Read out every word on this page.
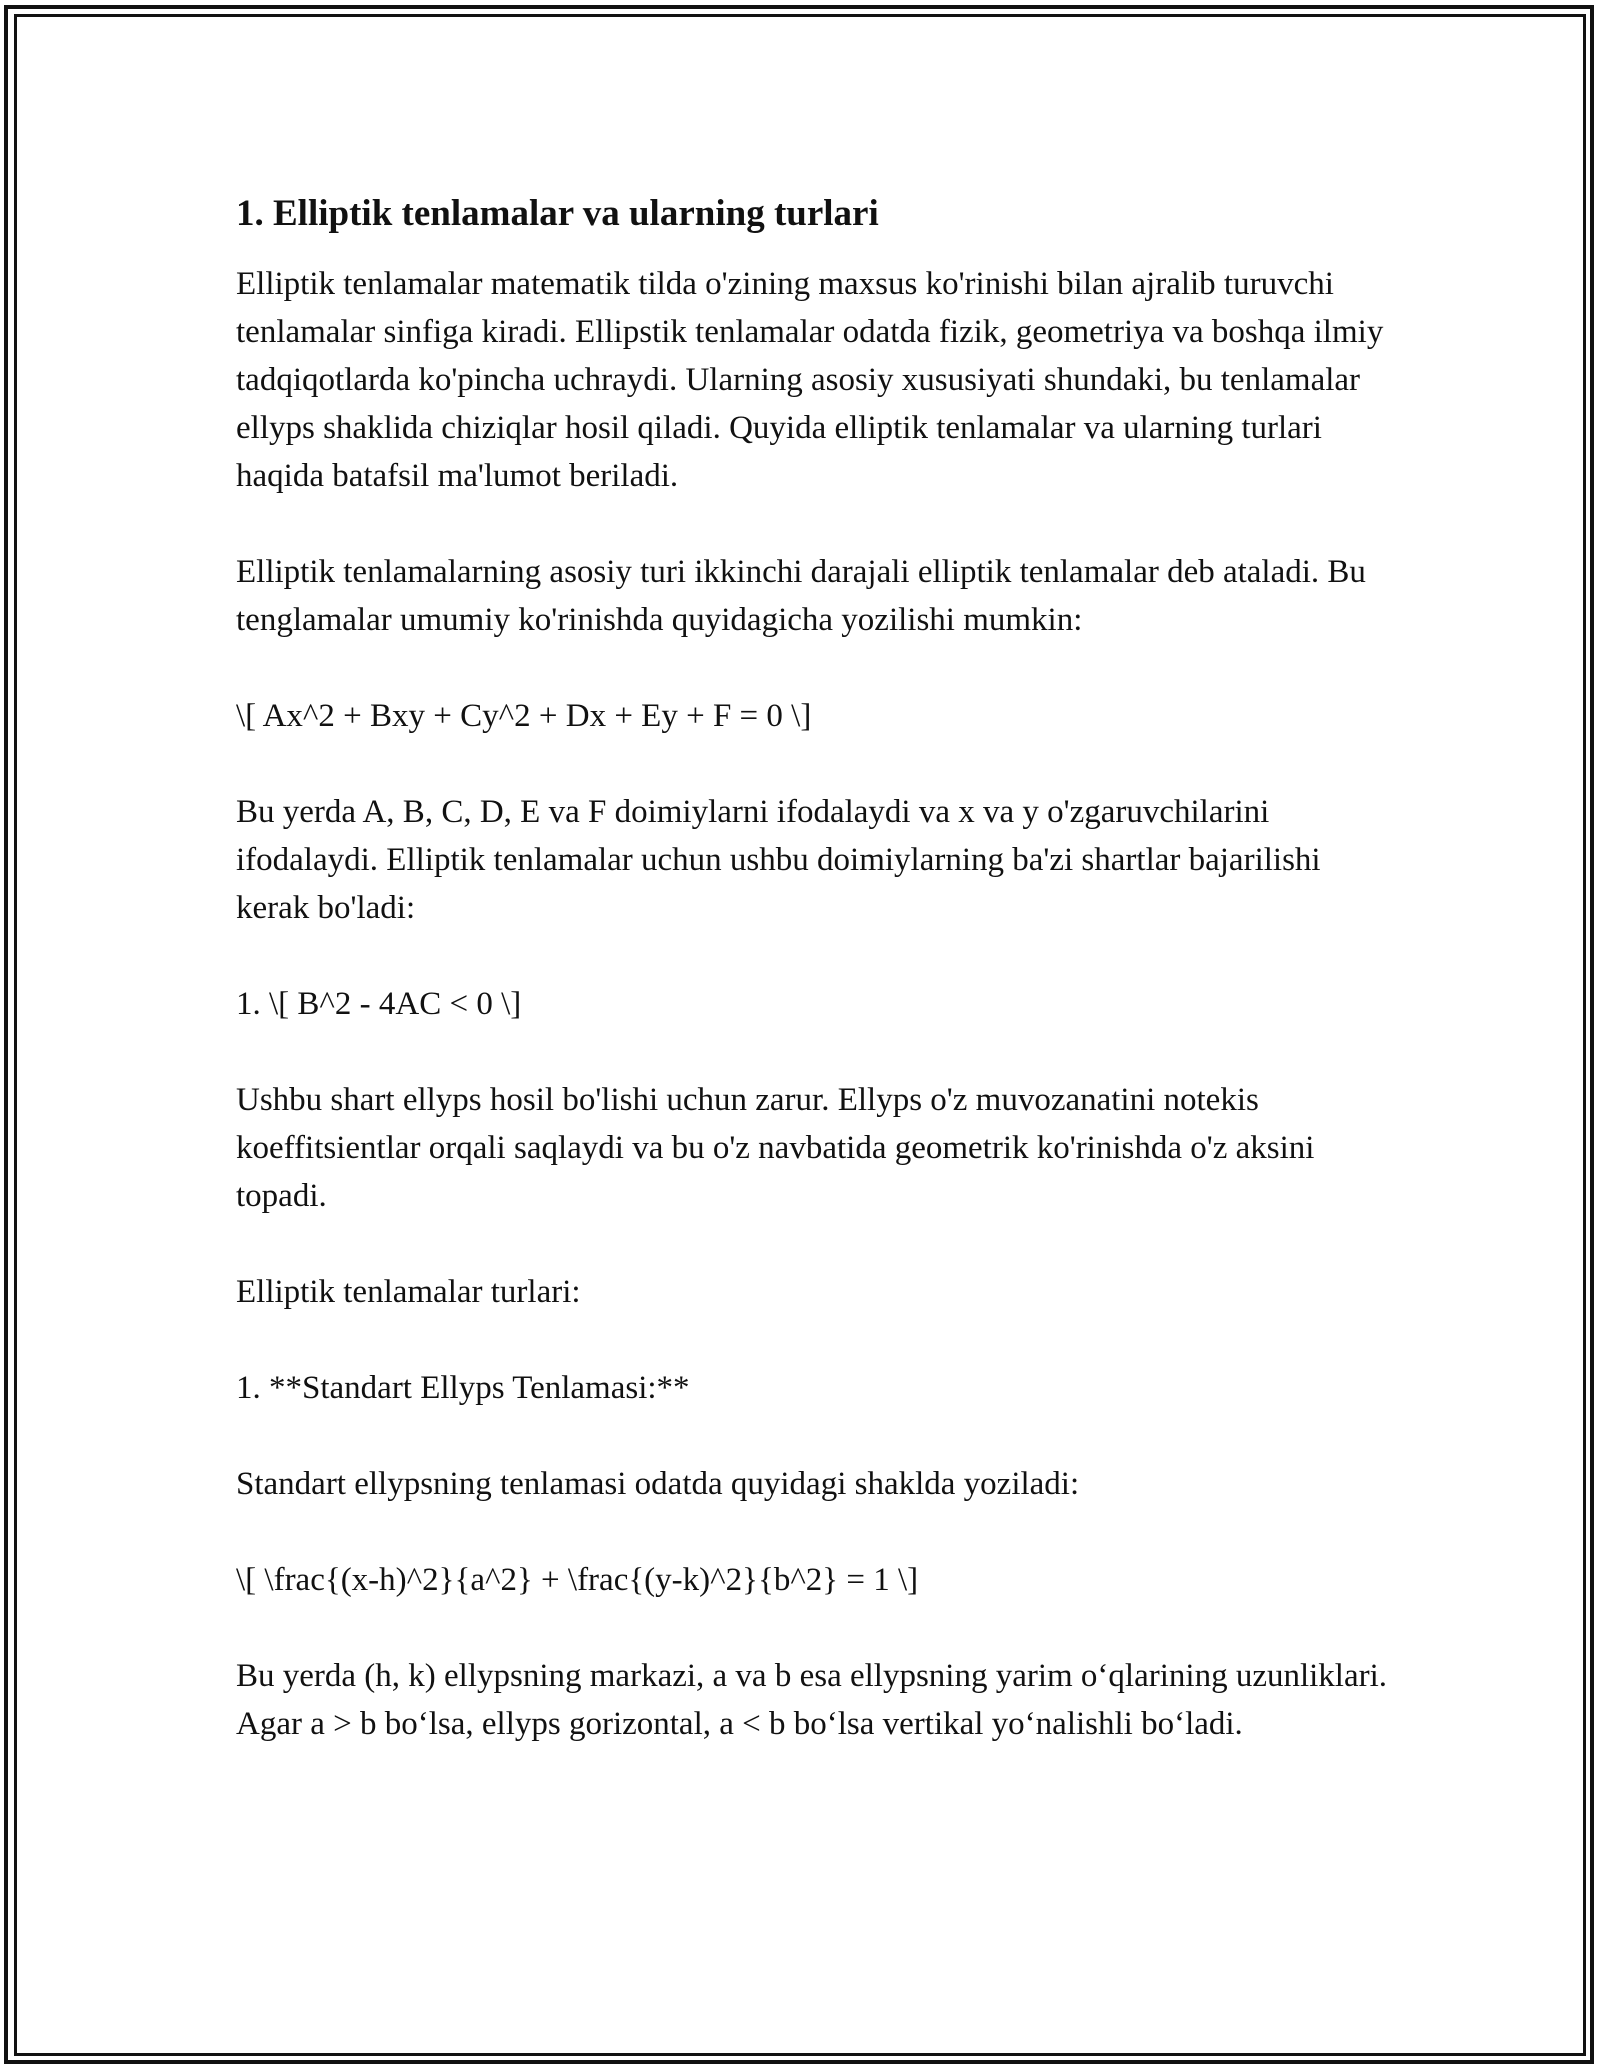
1. Elliptik tenlamalar va ularning turlari

Elliptik tenlamalar matematik tilda o'zining maxsus ko'rinishi bilan ajralib turuvchi tenlamalar sinfiga kiradi. Ellipstik tenlamalar odatda fizik, geometriya va boshqa ilmiy tadqiqotlarda ko'pincha uchraydi. Ularning asosiy xususiyati shundaki, bu tenlamalar ellyps shaklida chiziqlar hosil qiladi. Quyida elliptik tenlamalar va ularning turlari haqida batafsil ma'lumot beriladi.

Elliptik tenlamalarning asosiy turi ikkinchi darajali elliptik tenlamalar deb ataladi. Bu tenglamalar umumiy ko'rinishda quyidagicha yozilishi mumkin:

\[ Ax^2 + Bxy + Cy^2 + Dx + Ey + F = 0 \]

Bu yerda A, B, C, D, E va F doimiylarni ifodalaydi va x va y o'zgaruvchilarini ifodalaydi. Elliptik tenlamalar uchun ushbu doimiylarning ba'zi shartlar bajarilishi kerak bo'ladi:

1. \[ B^2 - 4AC < 0 \]

Ushbu shart ellyps hosil bo'lishi uchun zarur. Ellyps o'z muvozanatini notekis koeffitsientlar orqali saqlaydi va bu o'z navbatida geometrik ko'rinishda o'z aksini topadi.

Elliptik tenlamalar turlari:

1. **Standart Ellyps Tenlamasi:**

Standart ellypsning tenlamasi odatda quyidagi shaklda yoziladi:

\[ \frac{(x-h)^2}{a^2} + \frac{(y-k)^2}{b^2} = 1 \]

Bu yerda (h, k) ellypsning markazi, a va b esa ellypsning yarim o‘qlarining uzunliklari. Agar a > b bo‘lsa, ellyps gorizontal, a < b bo‘lsa vertikal yo‘nalishli bo‘ladi.
